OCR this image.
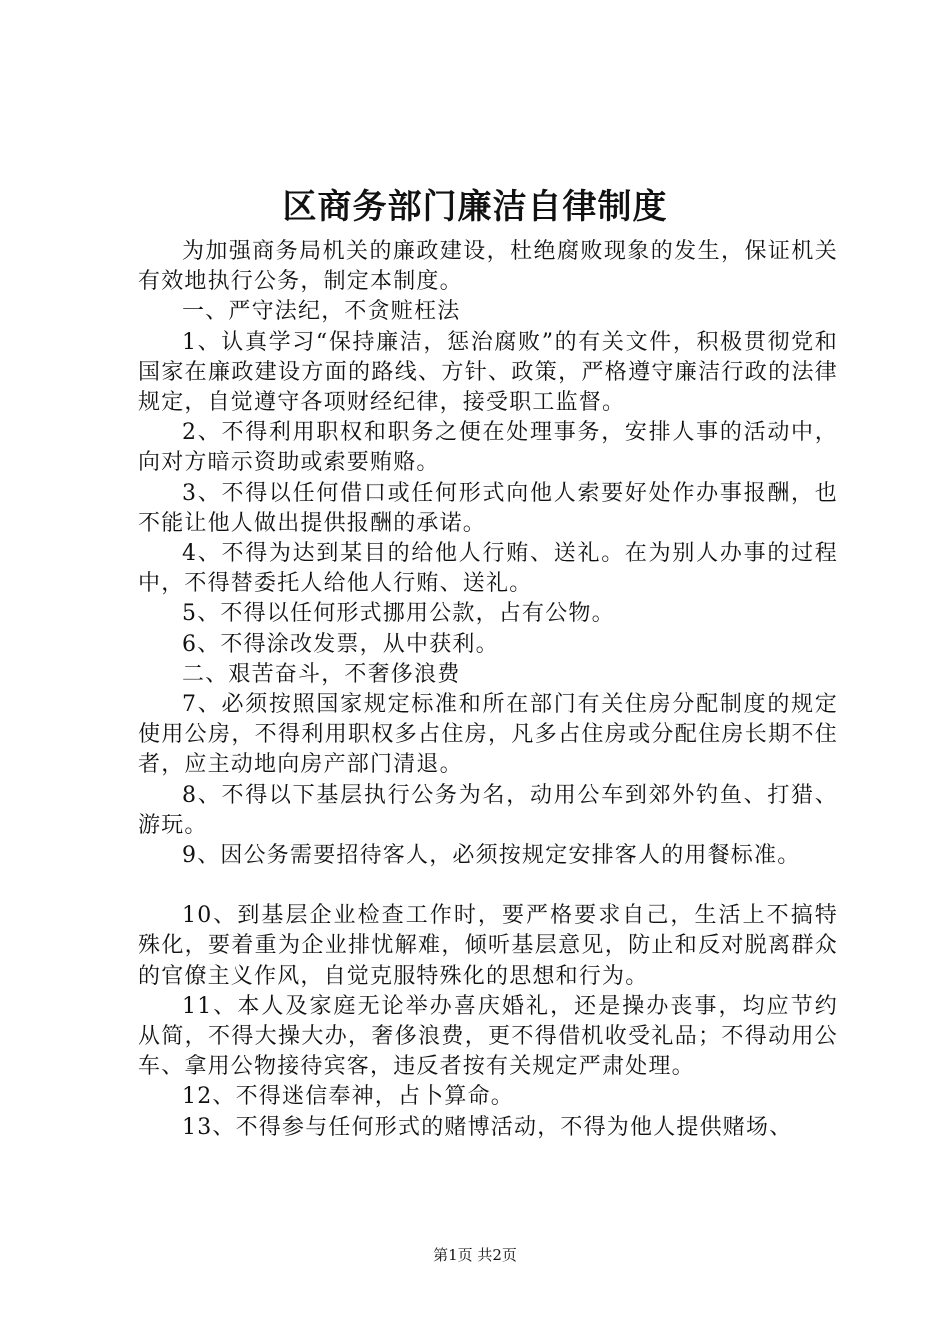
区商务部门廉洁自律制度

为加强商务局机关的廉政建设，杜绝腐败现象的发生，保证机关有效地执行公务，制定本制度。

一、严守法纪，不贪赃枉法

1、认真学习“保持廉洁，惩治腐败”的有关文件，积极贯彻党和国家在廉政建设方面的路线、方针、政策，严格遵守廉洁行政的法律规定，自觉遵守各项财经纪律，接受职工监督。

2、不得利用职权和职务之便在处理事务，安排人事的活动中，向对方暗示资助或索要贿赂。

3、不得以任何借口或任何形式向他人索要好处作办事报酬，也不能让他人做出提供报酬的承诺。

4、不得为达到某目的给他人行贿、送礼。在为别人办事的过程中，不得替委托人给他人行贿、送礼。

5、不得以任何形式挪用公款，占有公物。

6、不得涂改发票，从中获利。

二、艰苦奋斗，不奢侈浪费

7、必须按照国家规定标准和所在部门有关住房分配制度的规定使用公房，不得利用职权多占住房，凡多占住房或分配住房长期不住者，应主动地向房产部门清退。

8、不得以下基层执行公务为名，动用公车到郊外钓鱼、打猎、游玩。

9、因公务需要招待客人，必须按规定安排客人的用餐标准。

10、到基层企业检查工作时，要严格要求自己，生活上不搞特殊化，要着重为企业排忧解难，倾听基层意见，防止和反对脱离群众的官僚主义作风，自觉克服特殊化的思想和行为。

11、本人及家庭无论举办喜庆婚礼，还是操办丧事，均应节约从简，不得大操大办，奢侈浪费，更不得借机收受礼品；不得动用公车、拿用公物接待宾客，违反者按有关规定严肃处理。

12、不得迷信奉神，占卜算命。

13、不得参与任何形式的赌博活动，不得为他人提供赌场、

第1页 共2页
